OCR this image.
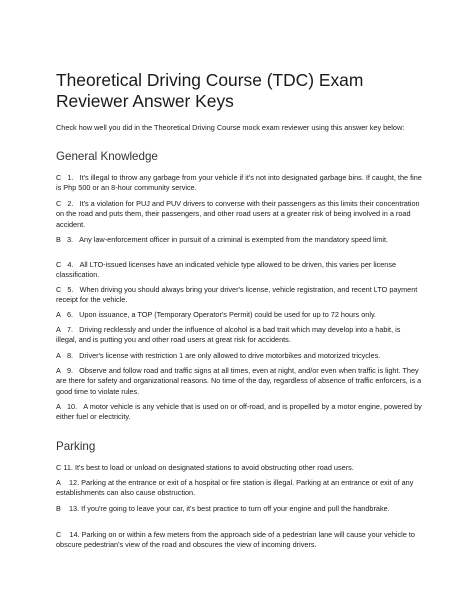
Theoretical Driving Course (TDC) Exam Reviewer Answer Keys

Check how well you did in the Theoretical Driving Course mock exam reviewer using this answer key below:

General Knowledge

C 1. It's illegal to throw any garbage from your vehicle if it's not into designated garbage bins. If caught, the fine is Php 500 or an 8-hour community service.

C 2. It's a violation for PUJ and PUV drivers to converse with their passengers as this limits their concentration on the road and puts them, their passengers, and other road users at a greater risk of being involved in a road accident.

B 3. Any law-enforcement officer in pursuit of a criminal is exempted from the mandatory speed limit.

C 4. All LTO-issued licenses have an indicated vehicle type allowed to be driven, this varies per license classification.

C 5. When driving you should always bring your driver's license, vehicle registration, and recent LTO payment receipt for the vehicle.

A 6. Upon issuance, a TOP (Temporary Operator's Permit) could be used for up to 72 hours only.

A 7. Driving recklessly and under the influence of alcohol is a bad trait which may develop into a habit, is illegal, and is putting you and other road users at great risk for accidents.

A 8. Driver's license with restriction 1 are only allowed to drive motorbikes and motorized tricycles.

A 9. Observe and follow road and traffic signs at all times, even at night, and/or even when traffic is light. They are there for safety and organizational reasons. No time of the day, regardless of absence of traffic enforcers, is a good time to violate rules.

A 10. A motor vehicle is any vehicle that is used on or off-road, and is propelled by a motor engine, powered by either fuel or electricity.

Parking

C 11. It's best to load or unload on designated stations to avoid obstructing other road users.

A 12. Parking at the entrance or exit of a hospital or fire station is illegal. Parking at an entrance or exit of any establishments can also cause obstruction.

B 13. If you're going to leave your car, it's best practice to turn off your engine and pull the handbrake.

C 14. Parking on or within a few meters from the approach side of a pedestrian lane will cause your vehicle to obscure pedestrian's view of the road and obscures the view of incoming drivers.
